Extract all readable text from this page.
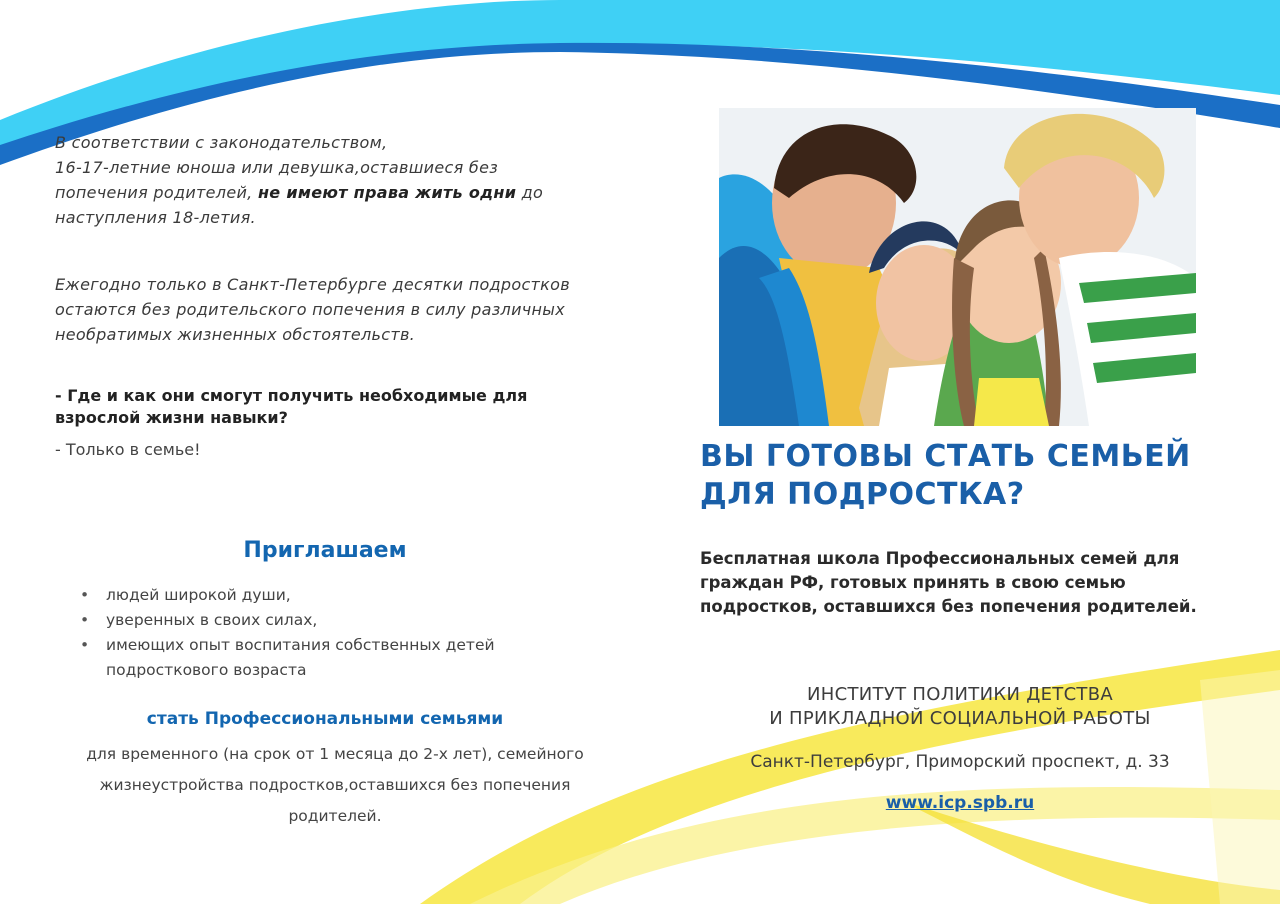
В соответствии с законодательством,
16-17-летние юноша или девушка,оставшиеся без
попечения родителей, не имеют права жить одни до
наступления 18-летия.
Ежегодно только в Санкт-Петербурге десятки подростков остаются без родительского попечения в силу различных необратимых жизненных обстоятельств.
- Где и как они смогут получить необходимые для взрослой жизни навыки?
- Только в семье!
Приглашаем
• людей широкой души,
• уверенных в своих силах,
• имеющих опыт воспитания собственных детей подросткового возраста
стать Профессиональными семьями
для временного (на срок от 1 месяца до 2-х лет), семейного жизнеустройства подростков,оставшихся без попечения родителей.
ВЫ ГОТОВЫ СТАТЬ СЕМЬЕЙ ДЛЯ ПОДРОСТКА?
Бесплатная школа Профессиональных семей для граждан РФ, готовых принять в свою семью подростков, оставшихся без попечения родителей.
ИНСТИТУТ ПОЛИТИКИ ДЕТСТВА
И ПРИКЛАДНОЙ СОЦИАЛЬНОЙ РАБОТЫ
Санкт-Петербург, Приморский проспект, д. 33
www.icp.spb.ru
